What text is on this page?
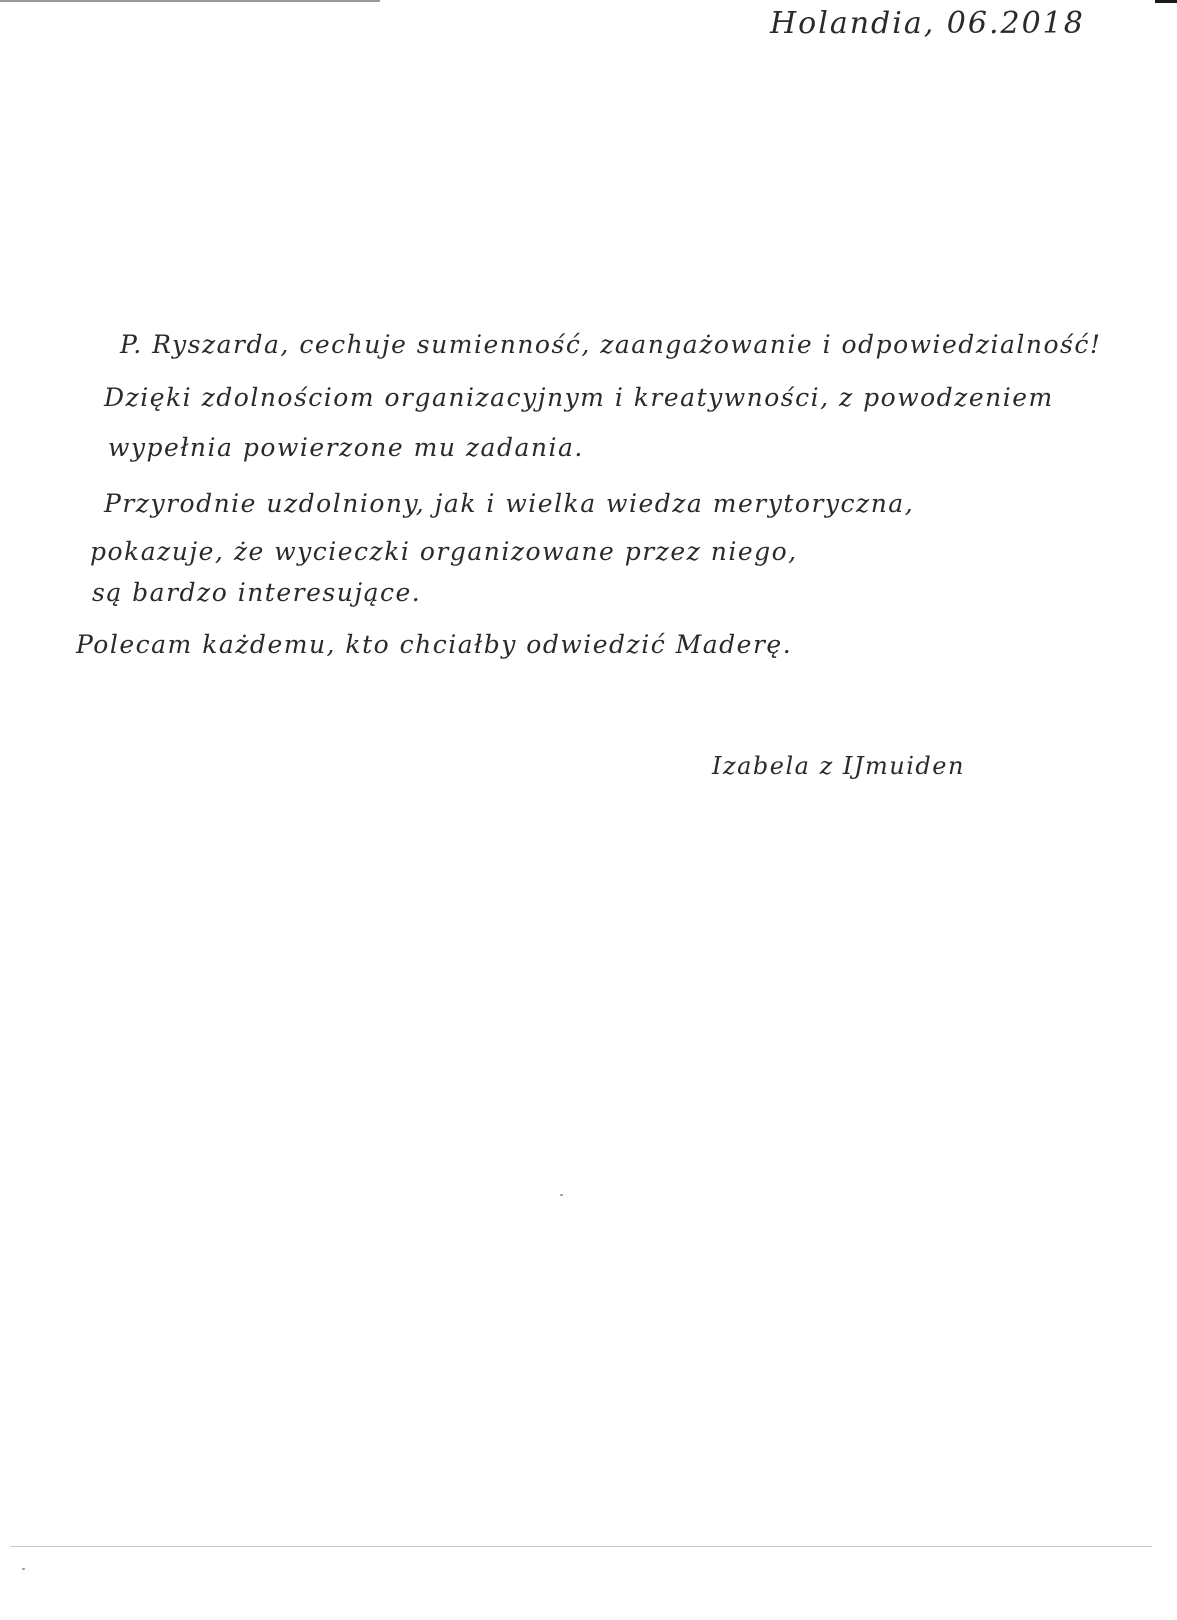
Holandia, 06.2018
P. Ryszarda, cechuje sumienność, zaangażowanie i odpowiedzialność!
Dzięki zdolnościom organizacyjnym i kreatywności, z powodzeniem
wypełnia powierzone mu zadania.
Przyrodnie uzdolniony, jak i wielka wiedza merytoryczna,
pokazuje, że wycieczki organizowane przez niego,
są bardzo interesujące.
Polecam każdemu, kto chciałby odwiedzić Maderę.
Izabela z IJmuiden
